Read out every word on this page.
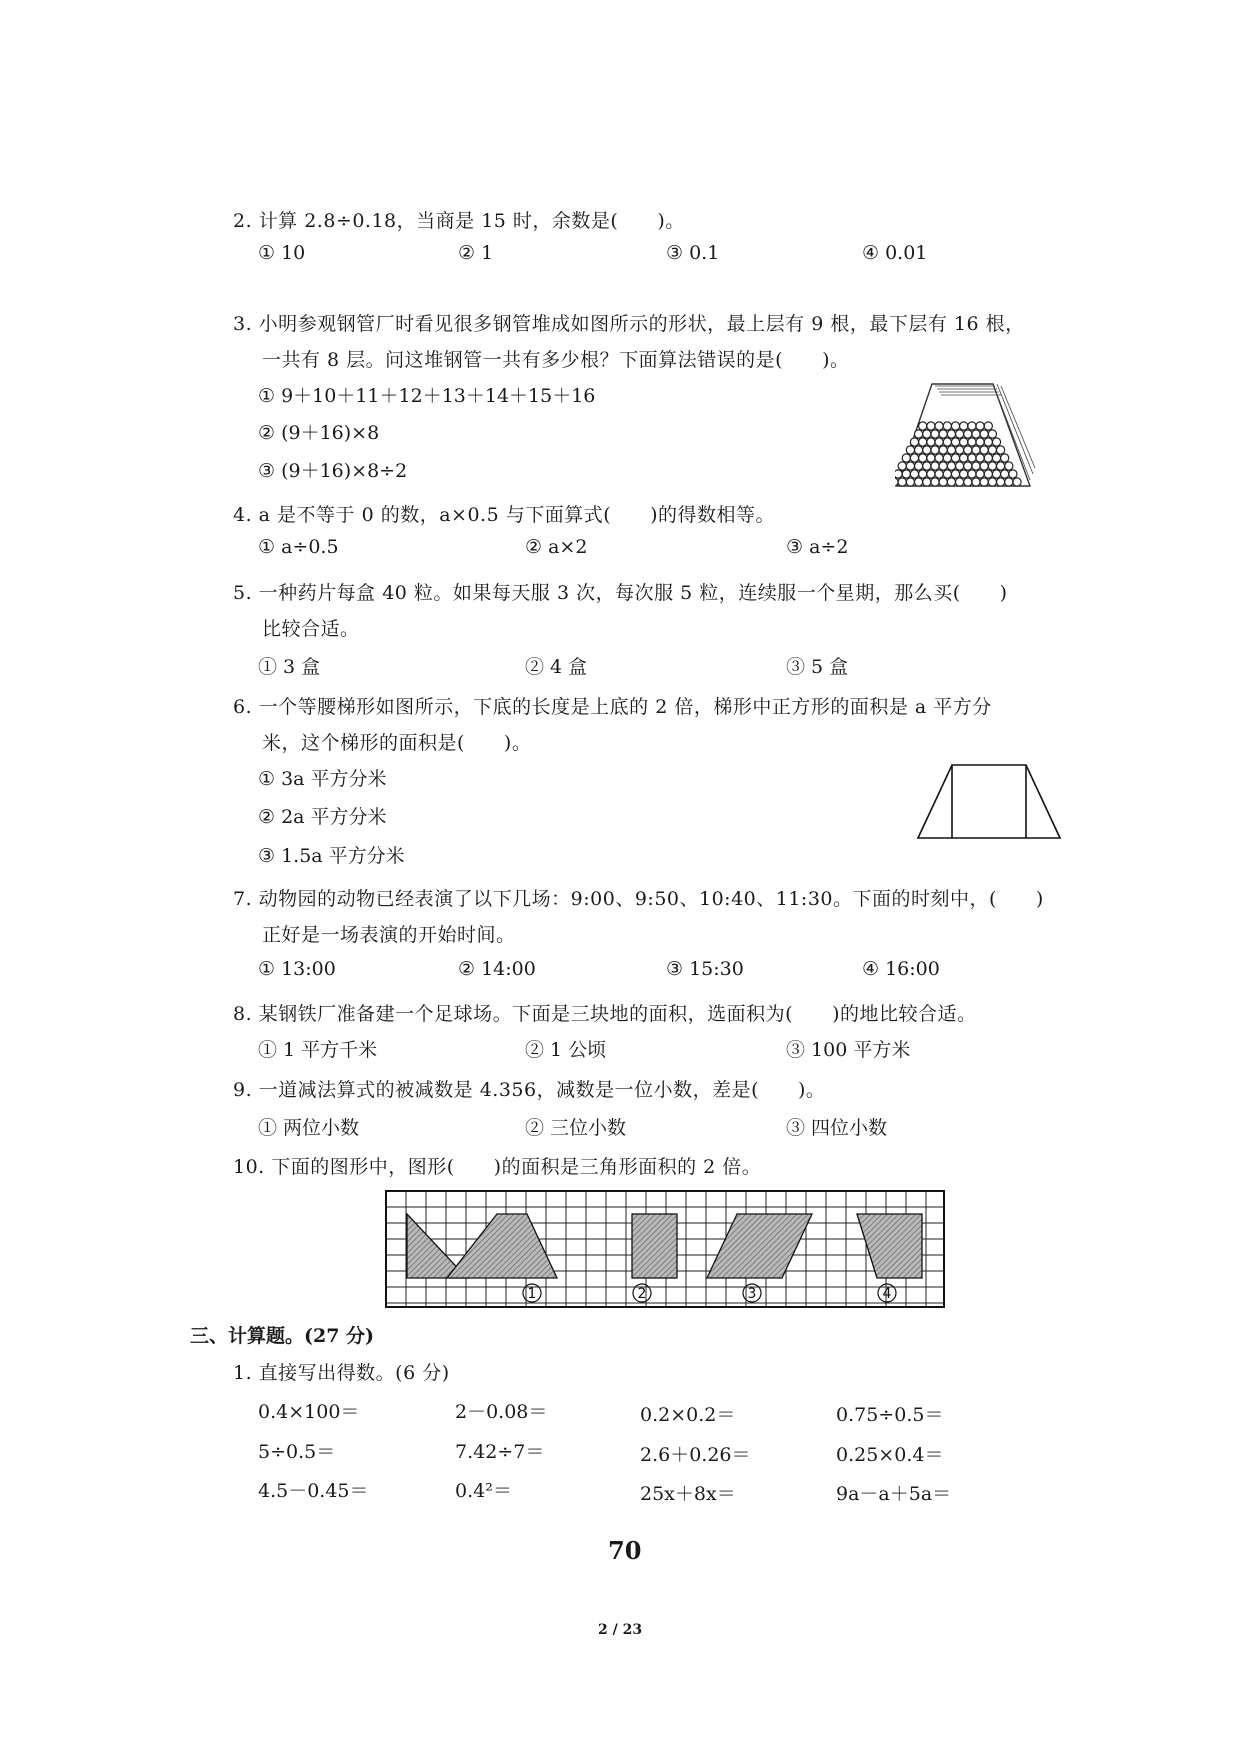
2. 计算 2.8÷0.18，当商是 15 时，余数是(　　)。
① 10	② 1	③ 0.1	④ 0.01
3. 小明参观钢管厂时看见很多钢管堆成如图所示的形状，最上层有 9 根，最下层有 16 根，
一共有 8 层。问这堆钢管一共有多少根？下面算法错误的是(　　)。
① 9＋10＋11＋12＋13＋14＋15＋16
② (9＋16)×8
③ (9＋16)×8÷2
4. a 是不等于 0 的数，a×0.5 与下面算式(　　)的得数相等。
① a÷0.5	② a×2	③ a÷2
5. 一种药片每盒 40 粒。如果每天服 3 次，每次服 5 粒，连续服一个星期，那么买(　　)
比较合适。
① 3 盒	② 4 盒	③ 5 盒
6. 一个等腰梯形如图所示，下底的长度是上底的 2 倍，梯形中正方形的面积是 a 平方分
米，这个梯形的面积是(　　)。
① 3a 平方分米
② 2a 平方分米
③ 1.5a 平方分米
7. 动物园的动物已经表演了以下几场：9:00、9:50、10:40、11:30。下面的时刻中，(　　)
正好是一场表演的开始时间。
① 13:00	② 14:00	③ 15:30	④ 16:00
8. 某钢铁厂准备建一个足球场。下面是三块地的面积，选面积为(　　)的地比较合适。
① 1 平方千米	② 1 公顷	③ 100 平方米
9. 一道减法算式的被减数是 4.356，减数是一位小数，差是(　　)。
① 两位小数	② 三位小数	③ 四位小数
10. 下面的图形中，图形(　　)的面积是三角形面积的 2 倍。
1	2	3	4
三、计算题。(27 分)
1. 直接写出得数。(6 分)
0.4×100＝	2－0.08＝	0.2×0.2＝	0.75÷0.5＝
5÷0.5＝	7.42÷7＝	2.6＋0.26＝	0.25×0.4＝
4.5－0.45＝	0.4²＝	25x＋8x＝	9a－a＋5a＝
70
2 / 23
